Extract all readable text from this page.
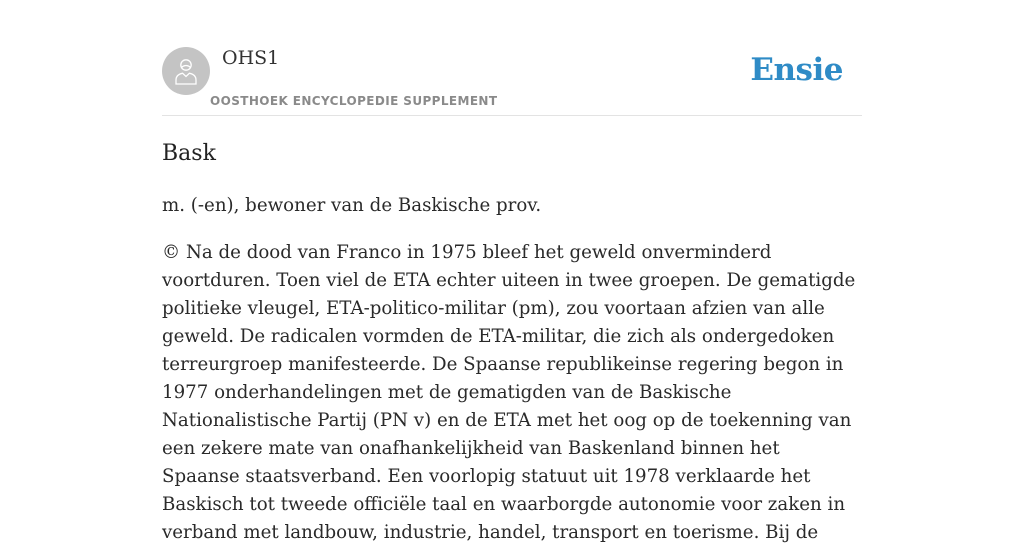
OHS1
OOSTHOEK ENCYCLOPEDIE SUPPLEMENT
Ensie
Bask

m. (-en), bewoner van de Baskische prov.

© Na de dood van Franco in 1975 bleef het geweld onverminderd voortduren. Toen viel de ETA echter uiteen in twee groepen. De gematigde politieke vleugel, ETA-politico-militar (pm), zou voortaan afzien van alle geweld. De radicalen vormden de ETA-militar, die zich als ondergedoken terreurgroep manifesteerde. De Spaanse republikeinse regering begon in 1977 onderhandelingen met de gematigden van de Baskische Nationalistische Partij (PN v) en de ETA met het oog op de toekenning van een zekere mate van onafhankelijkheid van Baskenland binnen het Spaanse staatsverband. Een voorlopig statuut uit 1978 verklaarde het Baskisch tot tweede officiële taal en waarborgde autonomie voor zaken in verband met landbouw, industrie, handel, transport en toerisme. Bij de
